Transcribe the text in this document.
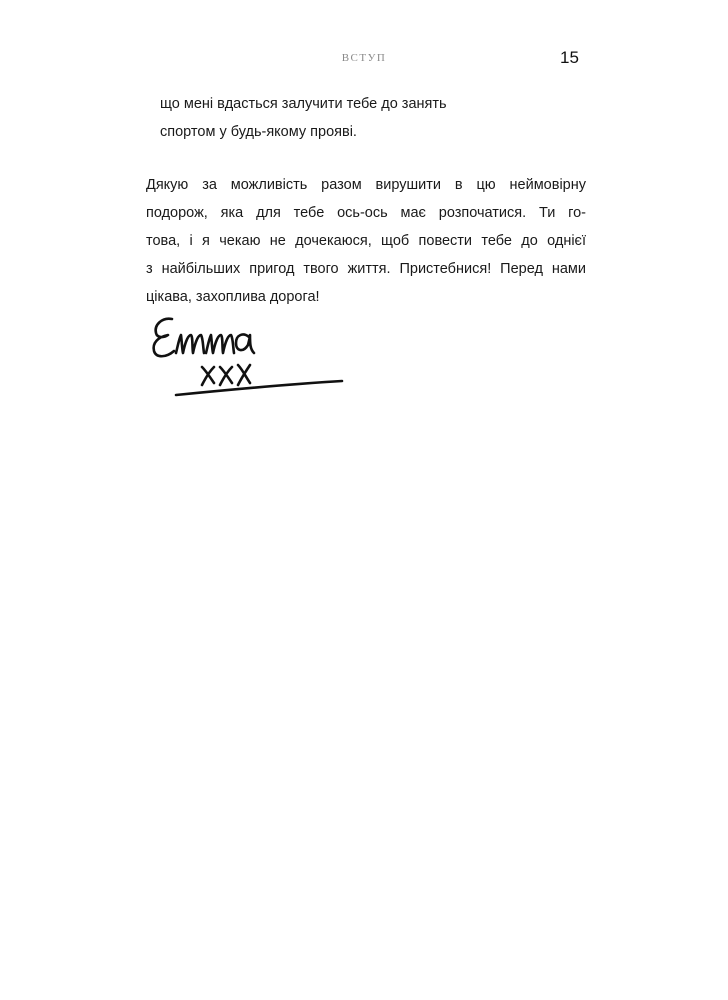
ВСТУП	15

що мені вдасться залучити тебе до занять

спортом у будь-якому прояві.

Дякую за можливість разом вирушити в цю неймовірну
подорож, яка для тебе ось-ось має розпочатися. Ти го-
това, і я чекаю не дочекаюся, щоб повести тебе до однієї
з найбільших пригод твого життя. Пристебнися! Перед нами
цікава, захоплива дорога!
